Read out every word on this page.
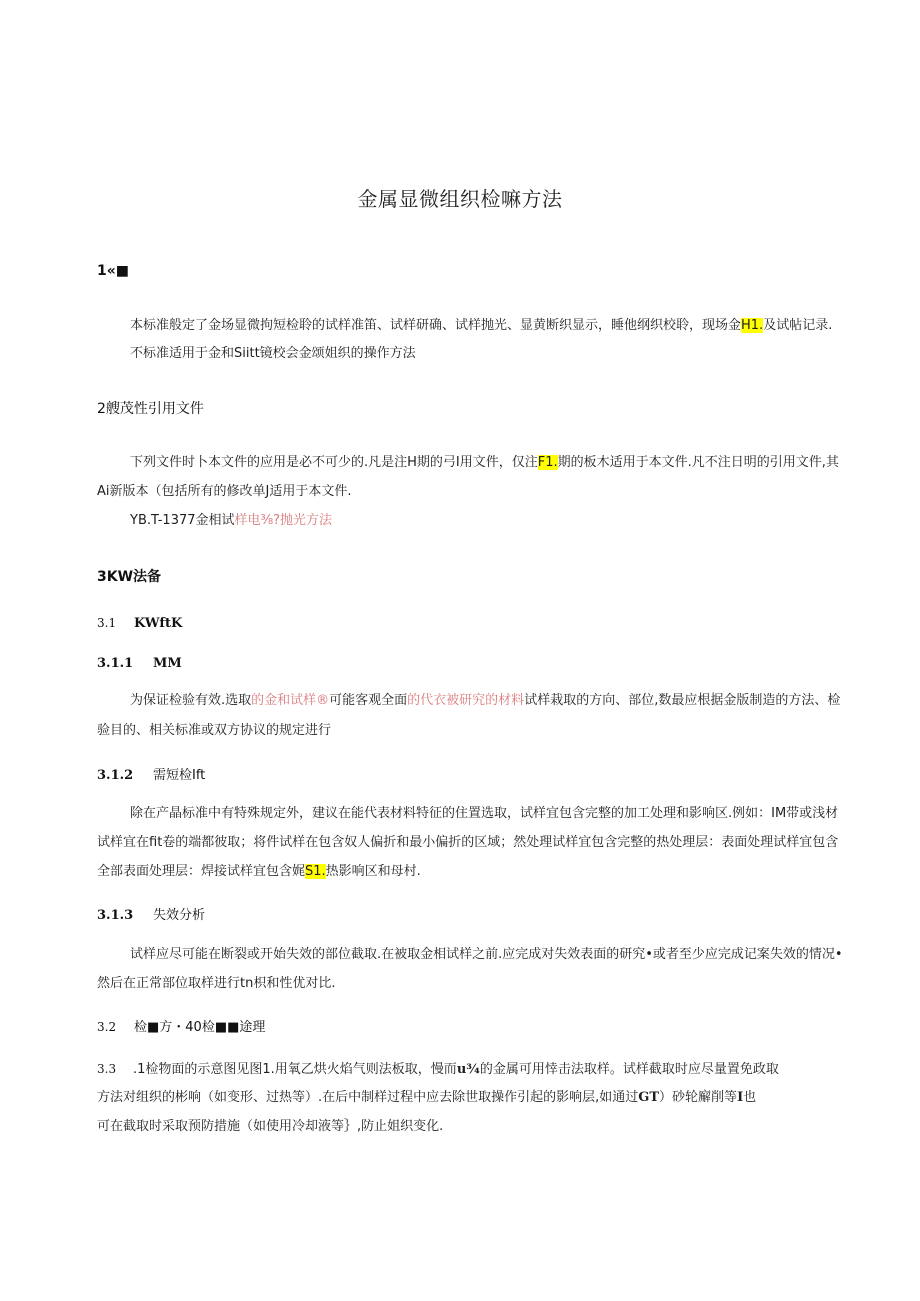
金属显微组织检嘛方法
1«■
本标准般定了金场显微拘短检聆的试样准笛、试样研确、试样抛光、显黄断织显示，睡他纲织校聆，现场金H1.及试帖记录.
不标准适用于金和Siitt镜校会金颂姐织的操作方法
2艘茂性引用文件
下列文件时卜本文件的应用是必不可少的.凡是注H期的弓I用文件，仅注F1.期的板木适用于本文件.凡不注日明的引用文件,其
Ai新版本（包括所有的修改单J适用于本文件.
YB.T-1377金相试样电⅜?抛光方法
3KW法备
3.1 KWftK
3.1.1 MM
为保证检验有效.选取的金和试样®可能客观全面的代衣被研究的材料试样栽取的方向、部位,数最应根据金版制造的方法、检
验目的、相关标准或双方协议的规定进行
3.1.2 需短检Ift
除在产晶标准中有特殊规定外，建议在能代表材料特征的住置选取，试样宜包含完整的加工处理和影响区.例如：IM带或浅材
试样宜在fit卷的端都彼取；将件试样在包含奴人偏折和最小偏折的区域；然处理试样宜包含完整的热处理层：表面处理试样宜包含
全部表面处理层：焊接试样宜包含娓S1.热影响区和母村.
3.1.3 失效分析
试样应尽可能在断裂或开始失效的部位截取.在被取金相试样之前.应完成对失效表面的研究•或者至少应完成记案失效的情况•
然后在正常部位取样进行tn枳和性优对比.
3.2 检■方・40检■■途理
3.3 .1检物面的示意图见图1.用氧乙烘火焰气则法板取，慢而u¾的金属可用悻击法取样。试样截取时应尽量置免政取
方法对组织的彬响（如变形、过热等）.在后中制样过程中应去除世取操作引起的影响层,如通过GT）砂轮廨削等I也
可在截取时采取预防措施（如使用冷却液等｝,防止姐织变化.
